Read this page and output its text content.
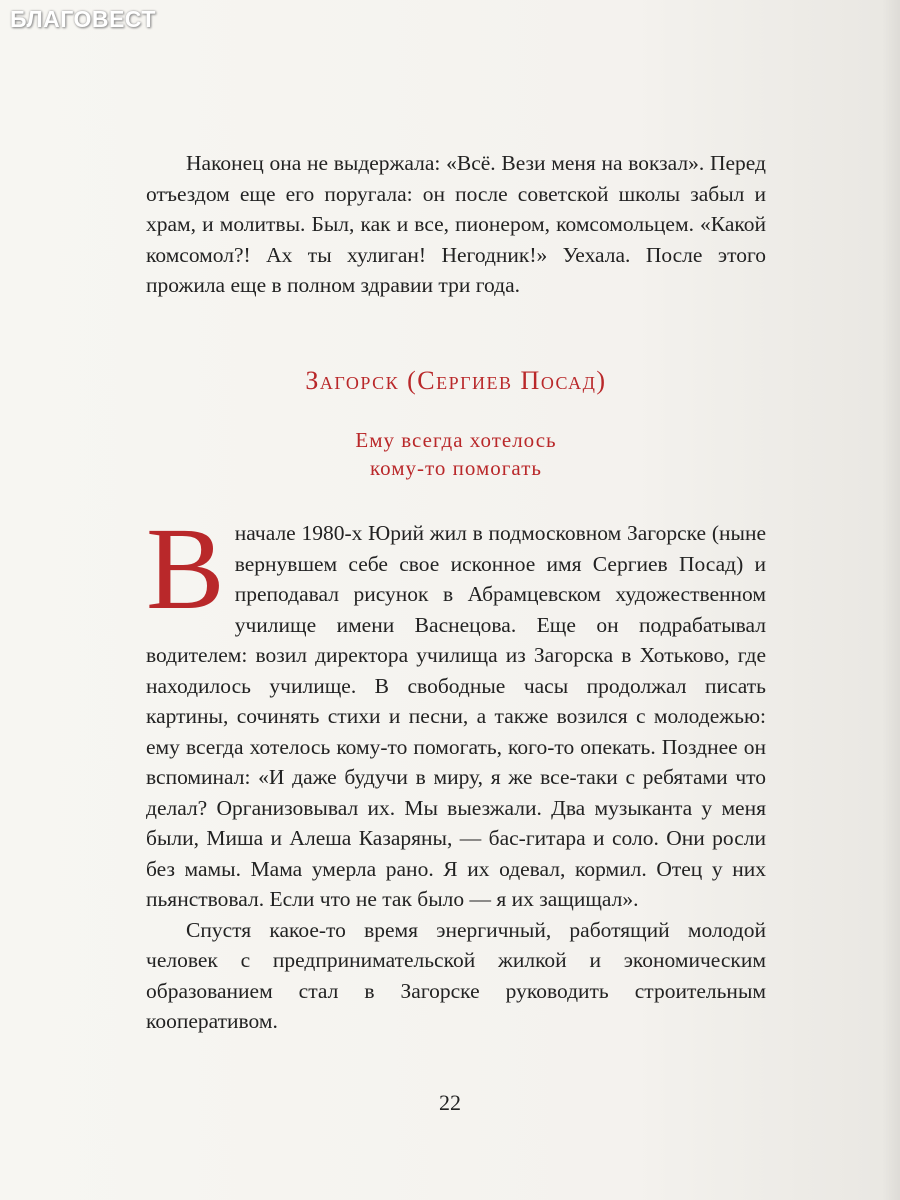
БЛАГОВЕСТ

Наконец она не выдержала: «Всё. Вези меня на вокзал». Перед отъездом еще его поругала: он после советской школы забыл и храм, и молитвы. Был, как и все, пионером, комсомольцем. «Какой комсомол?! Ах ты хулиган! Негодник!» Уехала. После этого прожила еще в полном здравии три года.

Загорск (Сергиев Посад)
Ему всегда хотелось
кому-то помогать

В начале 1980-х Юрий жил в подмосковном Загорске (ныне вернувшем себе свое исконное имя Сергиев Посад) и преподавал рисунок в Абрамцевском художественном училище имени Васнецова. Еще он подрабатывал водителем: возил директора училища из Загорска в Хотьково, где находилось училище. В свободные часы продолжал писать картины, сочинять стихи и песни, а также возился с молодежью: ему всегда хотелось кому-то помогать, кого-то опекать. Позднее он вспоминал: «И даже будучи в миру, я же все-таки с ребятами что делал? Организовывал их. Мы выезжали. Два музыканта у меня были, Миша и Алеша Казаряны, — бас-гитара и соло. Они росли без мамы. Мама умерла рано. Я их одевал, кормил. Отец у них пьянствовал. Если что не так было — я их защищал».

Спустя какое-то время энергичный, работящий молодой человек с предпринимательской жилкой и экономическим образованием стал в Загорске руководить строительным кооперативом.

22
